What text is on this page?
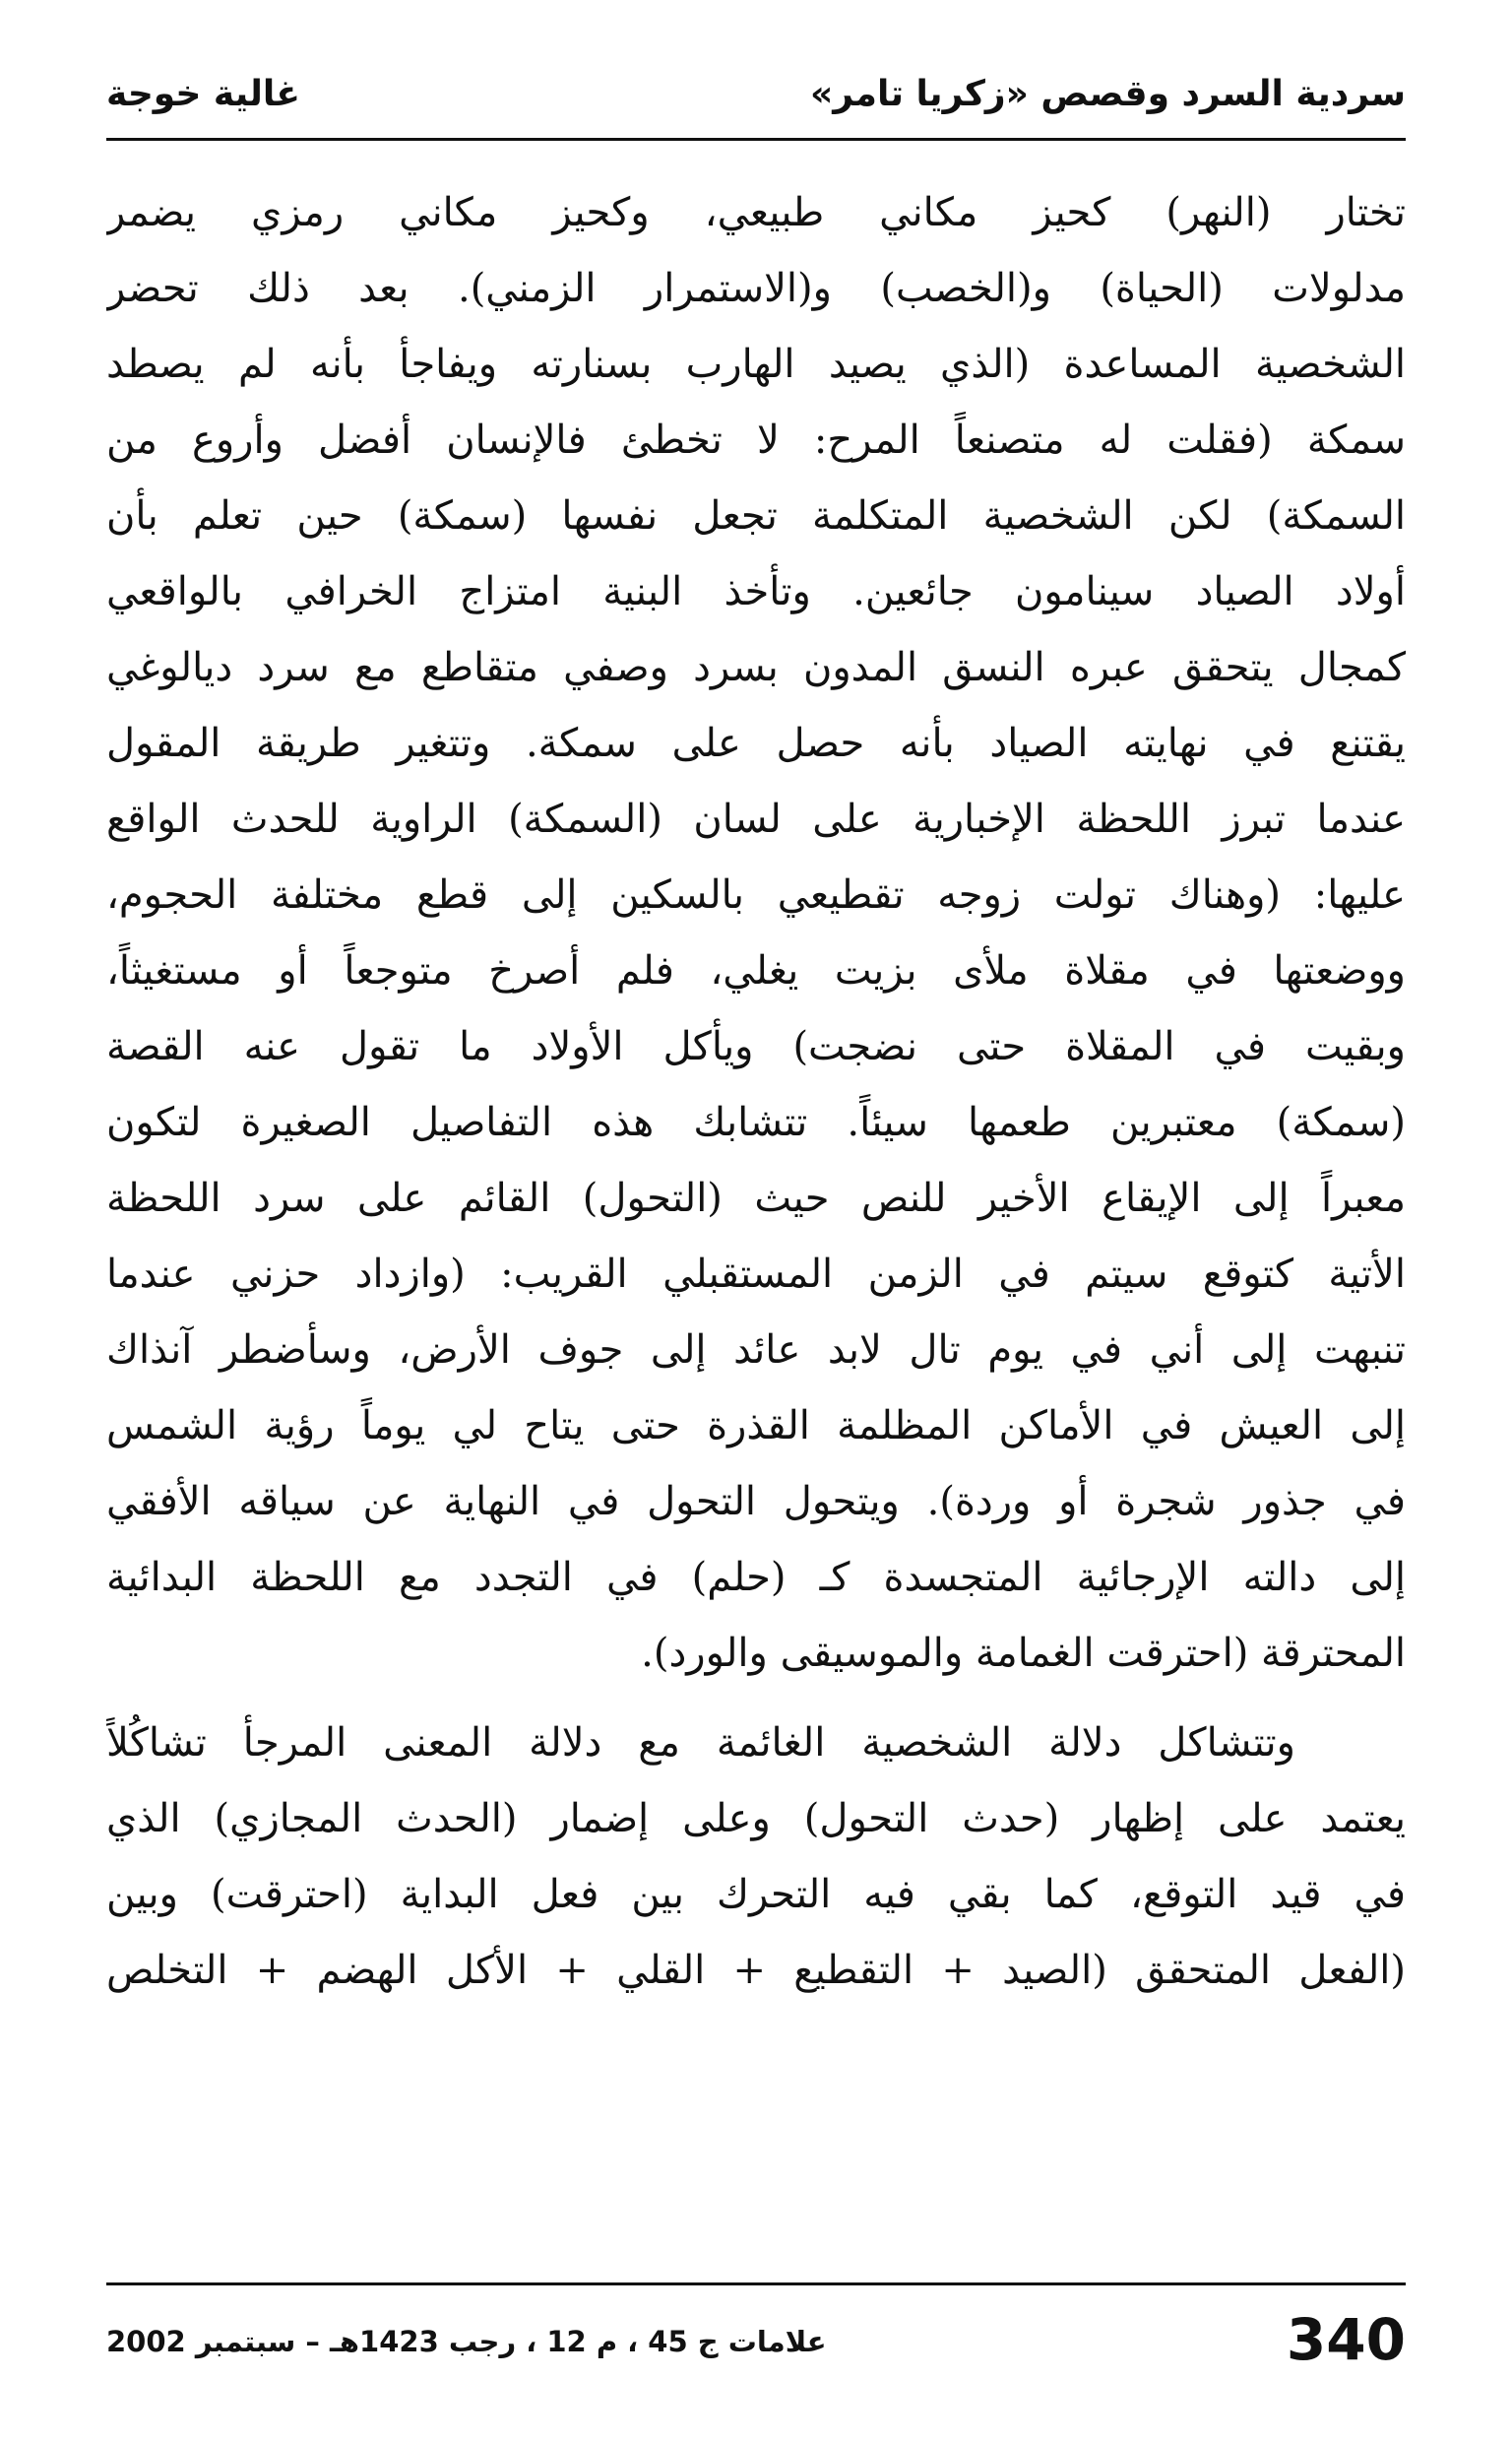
سردية السرد وقصص «زكريا تامر»
غالية خوجة
تختار (النهر) كحيز مكاني طبيعي، وكحيز مكاني رمزي يضمر
مدلولات (الحياة) و(الخصب) و(الاستمرار الزمني). بعد ذلك تحضر
الشخصية المساعدة (الذي يصيد الهارب بسنارته ويفاجأ بأنه لم يصطد
سمكة (فقلت له متصنعاً المرح: لا تخطئ فالإنسان أفضل وأروع من
السمكة) لكن الشخصية المتكلمة تجعل نفسها (سمكة) حين تعلم بأن
أولاد الصياد سينامون جائعين. وتأخذ البنية امتزاج الخرافي بالواقعي
كمجال يتحقق عبره النسق المدون بسرد وصفي متقاطع مع سرد ديالوغي
يقتنع في نهايته الصياد بأنه حصل على سمكة. وتتغير طريقة المقول
عندما تبرز اللحظة الإخبارية على لسان (السمكة) الراوية للحدث الواقع
عليها: (وهناك تولت زوجه تقطيعي بالسكين إلى قطع مختلفة الحجوم،
ووضعتها في مقلاة ملأى بزيت يغلي، فلم أصرخ متوجعاً أو مستغيثاً،
وبقيت في المقلاة حتى نضجت) ويأكل الأولاد ما تقول عنه القصة
(سمكة) معتبرين طعمها سيئاً. تتشابك هذه التفاصيل الصغيرة لتكون
معبراً إلى الإيقاع الأخير للنص حيث (التحول) القائم على سرد اللحظة
الأتية كتوقع سيتم في الزمن المستقبلي القريب: (وازداد حزني عندما
تنبهت إلى أني في يوم تال لابد عائد إلى جوف الأرض، وسأضطر آنذاك
إلى العيش في الأماكن المظلمة القذرة حتى يتاح لي يوماً رؤية الشمس
في جذور شجرة أو وردة). ويتحول التحول في النهاية عن سياقه الأفقي
إلى دالته الإرجائية المتجسدة كـ (حلم) في التجدد مع اللحظة البدائية
المحترقة (احترقت الغمامة والموسيقى والورد).
وتتشاكل دلالة الشخصية الغائمة مع دلالة المعنى المرجأ تشاكُلاً
يعتمد على إظهار (حدث التحول) وعلى إضمار (الحدث المجازي) الذي
في قيد التوقع، كما بقي فيه التحرك بين فعل البداية (احترقت) وبين
(الفعل المتحقق (الصيد + التقطيع + القلي + الأكل الهضم + التخلص
340
علامات ج 45 ، م 12 ، رجب 1423هـ – سبتمبر 2002
